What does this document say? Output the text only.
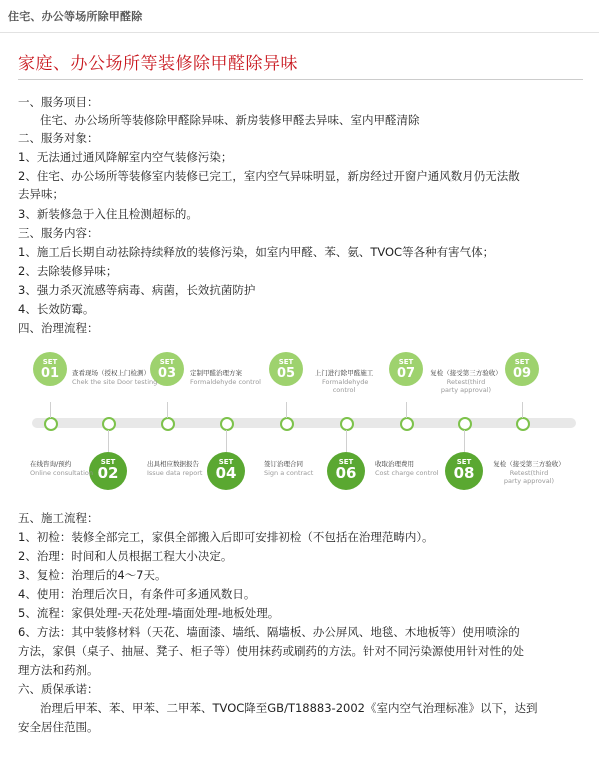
住宅、办公等场所除甲醛除
家庭、办公场所等装修除甲醛除异味
一、服务项目：
住宅、办公场所等装修除甲醛除异味、新房装修甲醛去异味、室内甲醛清除
二、服务对象：
1、无法通过通风降解室内空气装修污染；
2、住宅、办公场所等装修室内装修已完工，室内空气异味明显，新房经过开窗户通风数月仍无法散
去异味；
3、新装修急于入住且检测超标的。
三、服务内容：
1、施工后长期自动祛除持续释放的装修污染，如室内甲醛、苯、氨、TVOC等各种有害气体；
2、去除装修异味；
3、强力杀灭流感等病毒、病菌，长效抗菌防护
4、长效防霉。
四、治理流程：
SET
01
SET
03
SET
05
SET
07
SET
09
SET
02
SET
04
SET
06
SET
08
查看现场（授权上门检测）
Chek the site Door testing
定制甲醛治理方案
Formaldehyde control
上门进行除甲醛施工
Formaldehyde control
复检（接受第三方验收）
Retest(third party approval)
在线咨询/预约
Online consultation
出具相应数据报告
Issue data report
签订治理合同
Sign a contract
收取治理费用
Cost charge control
复检（接受第三方验收）
Retest(third party approval)
五、施工流程：
1、初检：装修全部完工，家俱全部搬入后即可安排初检（不包括在治理范畴内）。
2、治理：时间和人员根据工程大小决定。
3、复检：治理后的4～7天。
4、使用：治理后次日，有条件可多通风数日。
5、流程：家俱处理-天花处理-墙面处理-地板处理。
6、方法：其中装修材料（天花、墙面漆、墙纸、隔墙板、办公屏风、地毯、木地板等）使用喷涂的
方法，家俱（桌子、抽屉、凳子、柜子等）使用抹药或刷药的方法。针对不同污染源使用针对性的处
理方法和药剂。
六、质保承诺：
治理后甲苯、苯、甲苯、二甲苯、TVOC降至GB/T18883-2002《室内空气治理标准》以下，达到
安全居住范围。
